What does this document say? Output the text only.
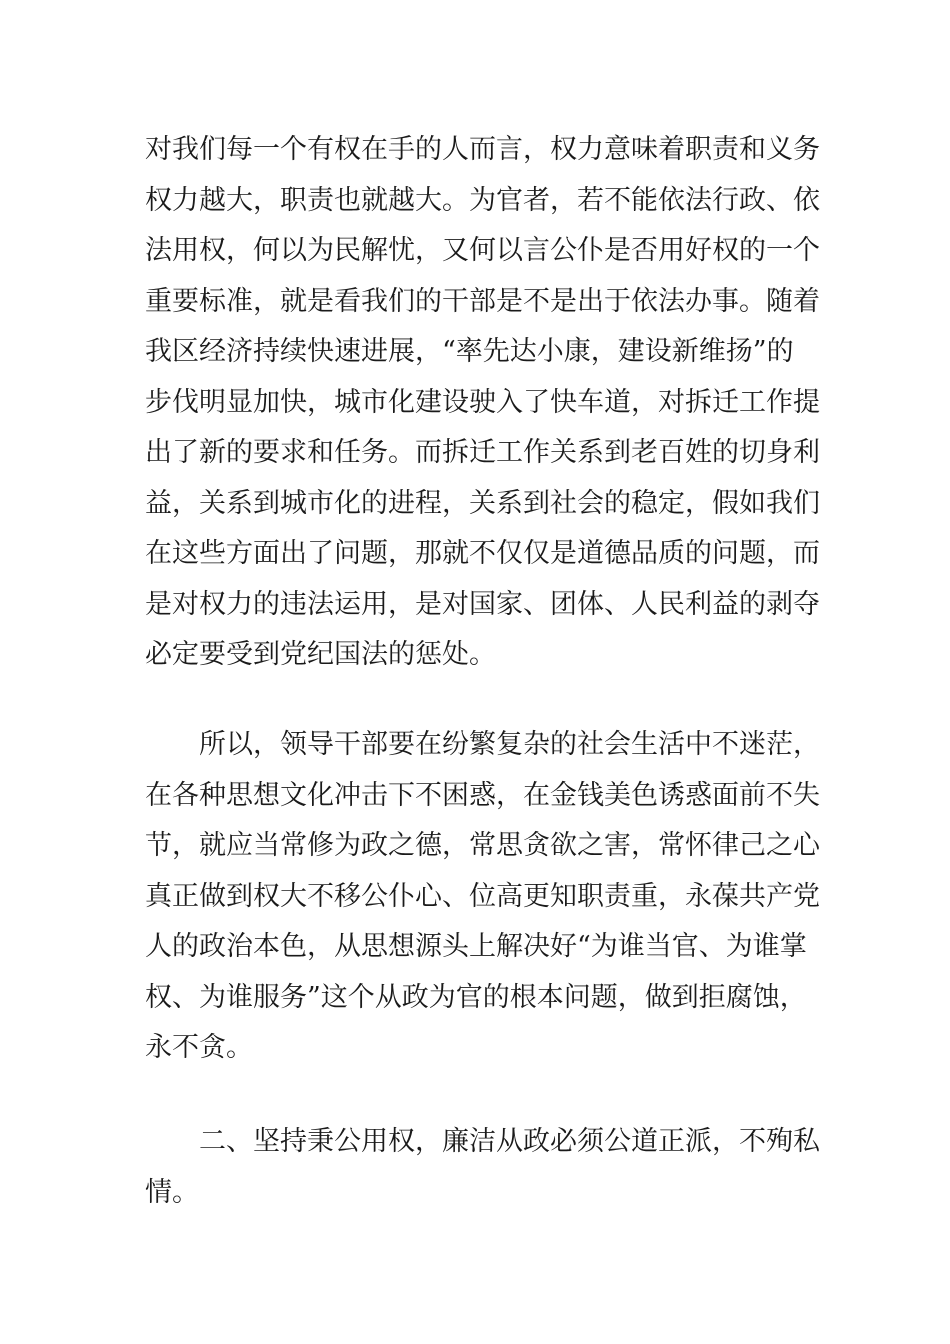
对我们每一个有权在手的人而言，权力意味着职责和义务
权力越大，职责也就越大。为官者，若不能依法行政、依
法用权，何以为民解忧，又何以言公仆是否用好权的一个
重要标准，就是看我们的干部是不是出于依法办事。随着
我区经济持续快速进展，“率先达小康，建设新维扬”的
步伐明显加快，城市化建设驶入了快车道，对拆迁工作提
出了新的要求和任务。而拆迁工作关系到老百姓的切身利
益，关系到城市化的进程，关系到社会的稳定，假如我们
在这些方面出了问题，那就不仅仅是道德品质的问题，而
是对权力的违法运用，是对国家、团体、人民利益的剥夺
必定要受到党纪国法的惩处。
所以，领导干部要在纷繁复杂的社会生活中不迷茫，
在各种思想文化冲击下不困惑，在金钱美色诱惑面前不失
节，就应当常修为政之德，常思贪欲之害，常怀律己之心
真正做到权大不移公仆心、位高更知职责重，永葆共产党
人的政治本色，从思想源头上解决好“为谁当官、为谁掌
权、为谁服务”这个从政为官的根本问题，做到拒腐蚀，
永不贪。
二、坚持秉公用权，廉洁从政必须公道正派，不殉私
情。
